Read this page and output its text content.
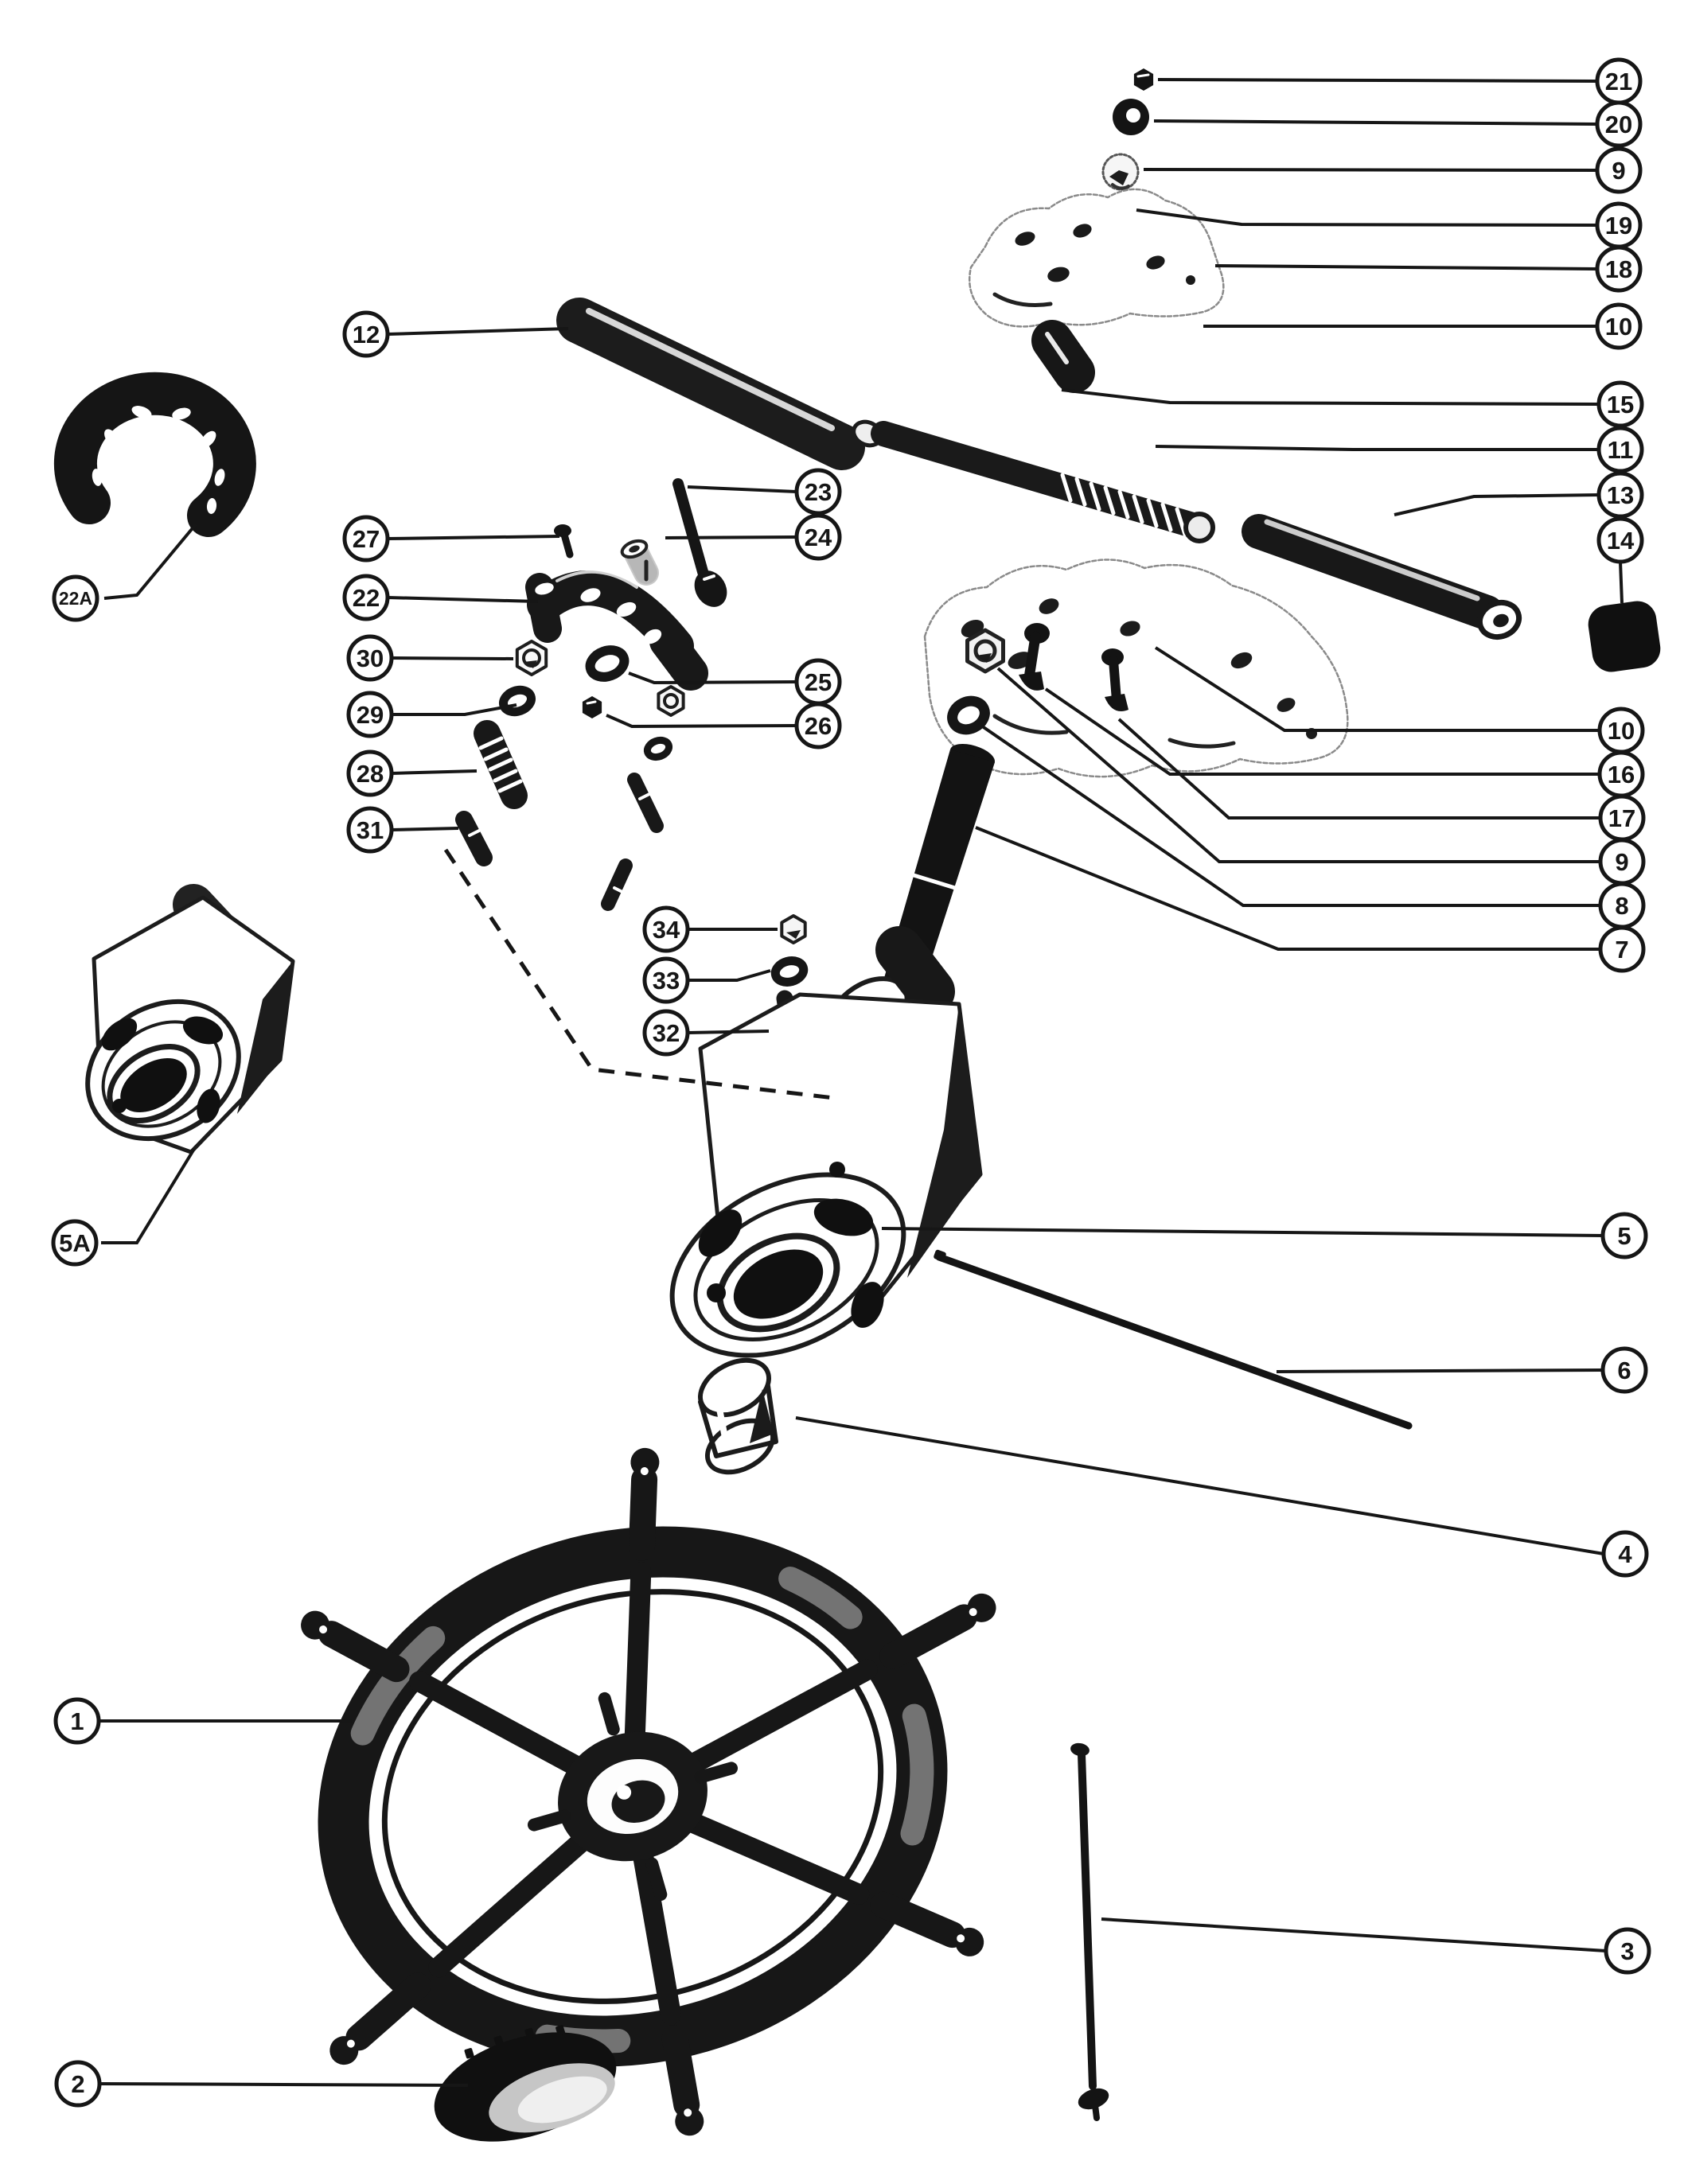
21
20
9
19
18
10
15
11
13
14
10
16
17
9
8
7
5
6
4
3
12
23
27	24
22
30
25
29	26
28
31
22A
34
33
32
5A
1
2
